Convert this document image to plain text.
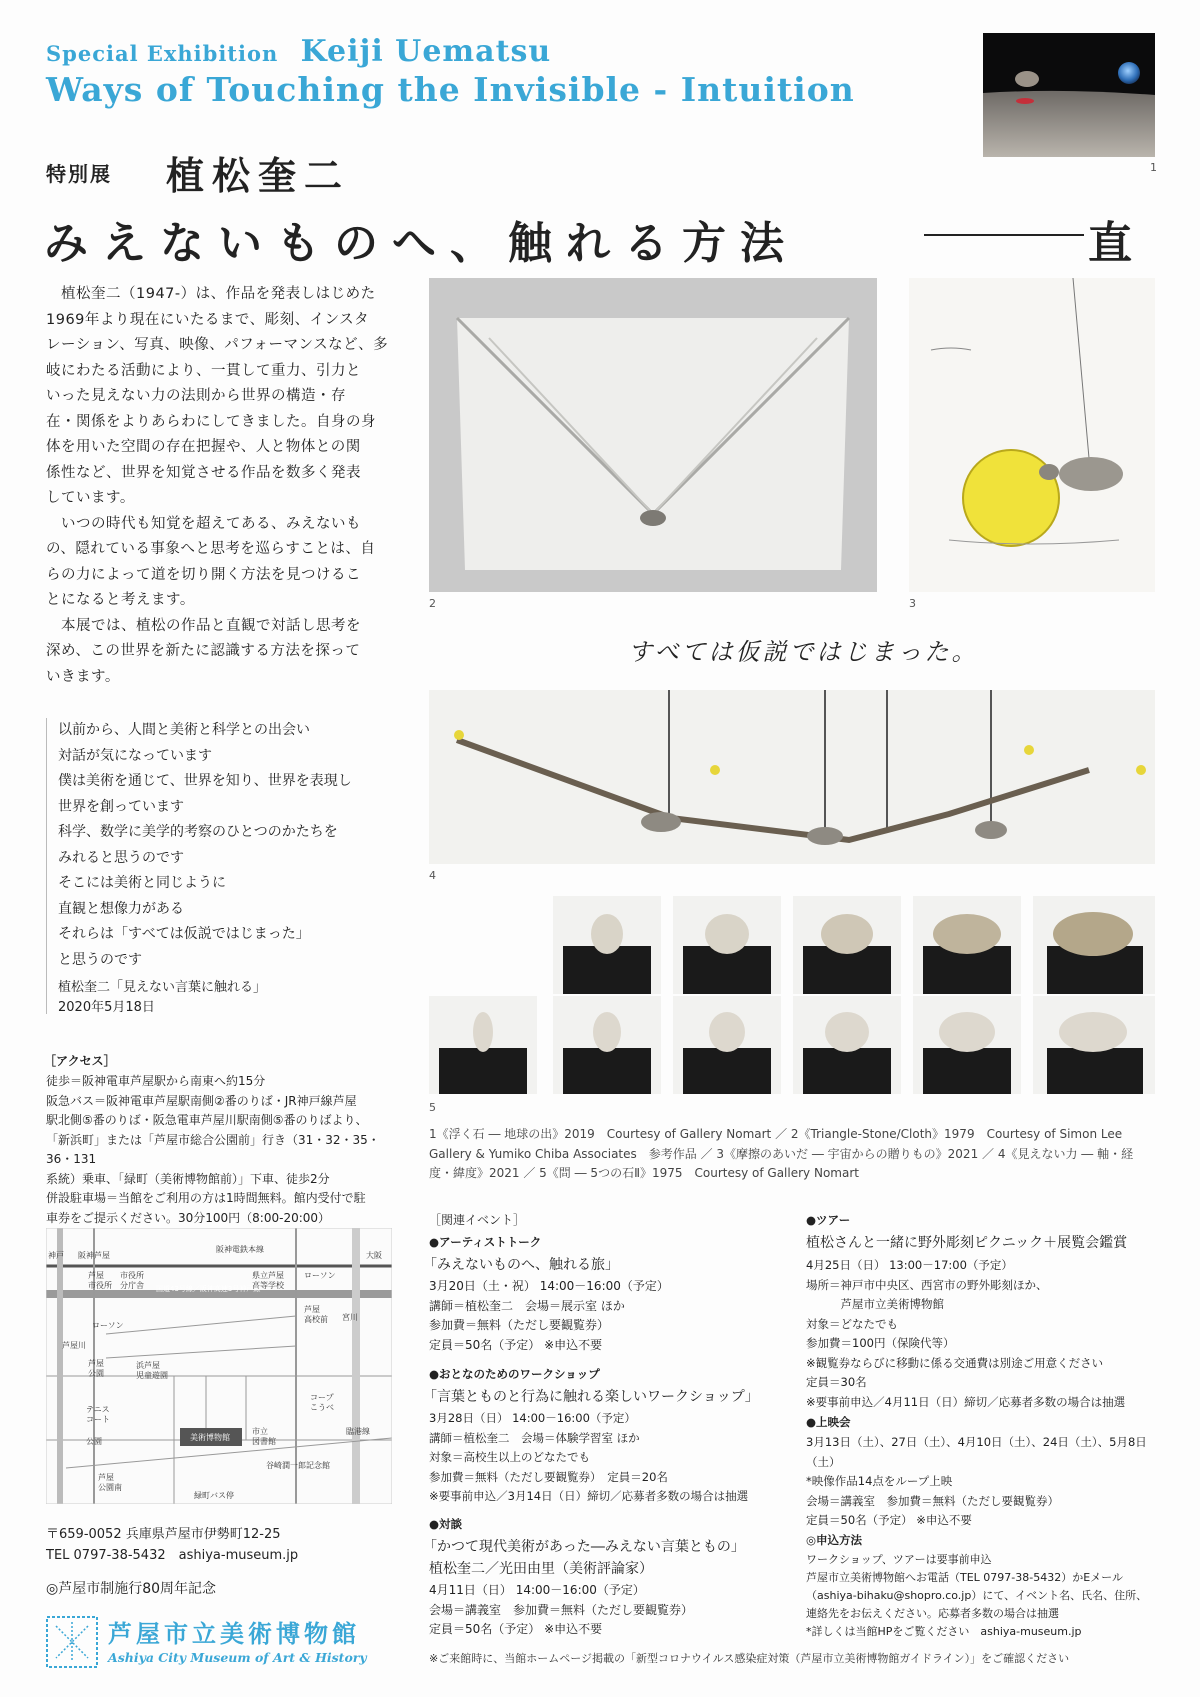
Special Exhibition Keiji Uematsu
Ways of Touching the Invisible - Intuition
特別展 植松奎二
みえないものへ、触れる方法	直
1
　植松奎二（1947-）は、作品を発表しはじめた
1969年より現在にいたるまで、彫刻、インスタ
レーション、写真、映像、パフォーマンスなど、多
岐にわたる活動により、一貫して重力、引力と
いった見えない力の法則から世界の構造・存
在・関係をよりあらわにしてきました。自身の身
体を用いた空間の存在把握や、人と物体との関
係性など、世界を知覚させる作品を数多く発表
しています。
　いつの時代も知覚を超えてある、みえないも
の、隠れている事象へと思考を巡らすことは、自
らの力によって道を切り開く方法を見つけるこ
とになると考えます。
　本展では、植松の作品と直観で対話し思考を
深め、この世界を新たに認識する方法を探って
いきます。
以前から、人間と美術と科学との出会い
対話が気になっています
僕は美術を通じて、世界を知り、世界を表現し
世界を創っています
科学、数学に美学的考察のひとつのかたちを
みれると思うのです
そこには美術と同じように
直観と想像力がある
それらは「すべては仮説ではじまった」
と思うのです
植松奎二「見えない言葉に触れる」
2020年5月18日
2	3
すべては仮説ではじまった。
4
5
1《浮く石 ― 地球の出》2019　Courtesy of Gallery Nomart ／ 2《Triangle-Stone/Cloth》1979　Courtesy of Simon Lee Gallery & Yumiko Chiba Associates　参考作品 ／ 3《摩擦のあいだ ― 宇宙からの贈りもの》2021 ／ 4《見えない力 ― 軸・経度・緯度》2021 ／ 5《問 ― 5つの石Ⅱ》1975　Courtesy of Gallery Nomart
［アクセス］
徒歩＝阪神電車芦屋駅から南東へ約15分
阪急バス＝阪神電車芦屋駅南側②番のりば・JR神戸線芦屋
駅北側⑤番のりば・阪急電車芦屋川駅南側⑤番のりばより、
「新浜町」または「芦屋市総合公園前」行き（31・32・35・36・131
系統）乗車、「緑町（美術博物館前）」下車、徒歩2分
併設駐車場＝当館をご利用の方は1時間無料。館内受付で駐
車券をご提示ください。30分100円（8:00-20:00）
神戸 阪神芦屋
阪神電鉄本線
大阪
芦屋
市役所
市役所
分庁舎
県立芦屋
高等学校
ローソン
国道43号線／阪神高速3号神戸線
ローソン
芦屋
高校前 宮川
芦屋川
芦屋
公園
浜芦屋
児童遊園
コープ
こうべ
テニス
コート
公園	美術博物館
市立
図書館
臨港線
谷崎潤一郎記念館
芦屋
公園南
緑町バス停
〒659-0052 兵庫県芦屋市伊勢町12-25
TEL 0797-38-5432　ashiya-museum.jp
◎芦屋市制施行80周年記念
芦屋市立美術博物館
Ashiya City Museum of Art & History
［関連イベント］
●アーティストトーク
「みえないものへ、触れる旅」
3月20日（土・祝） 14:00－16:00（予定）
講師＝植松奎二　会場＝展示室 ほか
参加費＝無料（ただし要観覧券）
定員＝50名（予定） ※申込不要
●おとなのためのワークショップ
「言葉とものと行為に触れる楽しいワークショップ」
3月28日（日） 14:00－16:00（予定）
講師＝植松奎二　会場＝体験学習室 ほか
対象＝高校生以上のどなたでも
参加費＝無料（ただし要観覧券）　定員＝20名
※要事前申込／3月14日（日）締切／応募者多数の場合は抽選
●対談
「かつて現代美術があった―みえない言葉ともの」
植松奎二／光田由里（美術評論家）
4月11日（日） 14:00－16:00（予定）
会場＝講義室　参加費＝無料（ただし要観覧券）
定員＝50名（予定） ※申込不要
●ツアー
植松さんと一緒に野外彫刻ピクニック＋展覧会鑑賞
4月25日（日） 13:00－17:00（予定）
場所＝神戸市中央区、西宮市の野外彫刻ほか、
　　　芦屋市立美術博物館
対象＝どなたでも
参加費＝100円（保険代等）
※観覧券ならびに移動に係る交通費は別途ご用意ください
定員＝30名
※要事前申込／4月11日（日）締切／応募者多数の場合は抽選
●上映会
3月13日（土）、27日（土）、4月10日（土）、24日（土）、5月8日（土）
*映像作品14点をループ上映
会場＝講義室　参加費＝無料（ただし要観覧券）
定員＝50名（予定） ※申込不要
◎申込方法
ワークショップ、ツアーは要事前申込
芦屋市立美術博物館へお電話（TEL 0797-38-5432）かEメール
（ashiya-bihaku@shopro.co.jp）にて、イベント名、氏名、住所、
連絡先をお伝えください。応募者多数の場合は抽選
*詳しくは当館HPをご覧ください　ashiya-museum.jp
※ご来館時に、当館ホームページ掲載の「新型コロナウイルス感染症対策（芦屋市立美術博物館ガイドライン）」をご確認ください
